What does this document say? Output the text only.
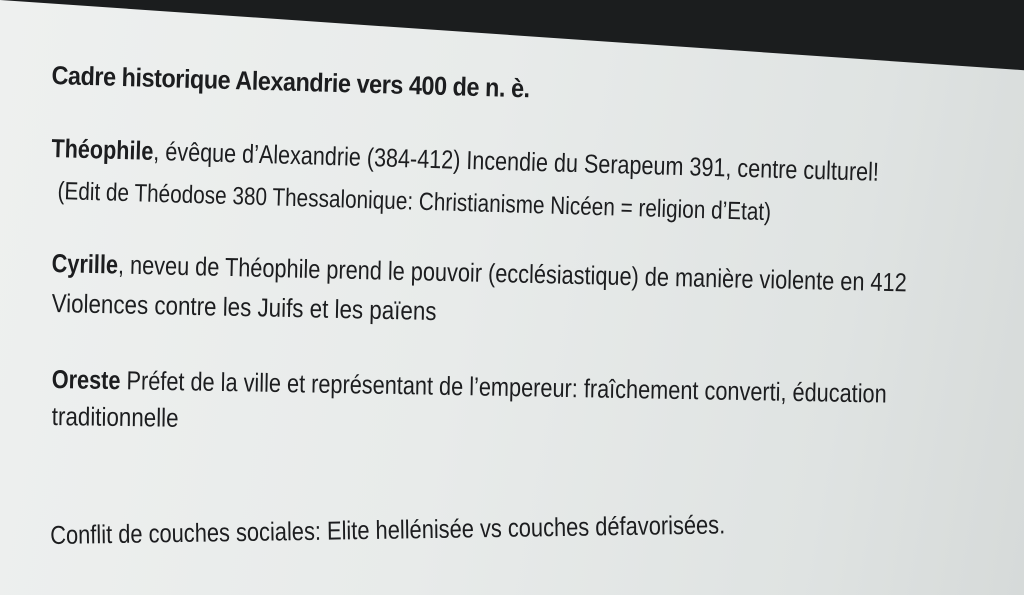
Cadre historique Alexandrie vers 400 de n. è.
Théophile, évêque d’Alexandrie (384-412) Incendie du Serapeum 391, centre culturel!
(Edit de Théodose 380 Thessalonique: Christianisme Nicéen = religion d’Etat)
Cyrille, neveu de Théophile prend le pouvoir (ecclésiastique) de manière violente en 412
Violences contre les Juifs et les païens
Oreste Préfet de la ville et représentant de l’empereur: fraîchement converti, éducation
traditionnelle
Conflit de couches sociales: Elite hellénisée vs couches défavorisées.
